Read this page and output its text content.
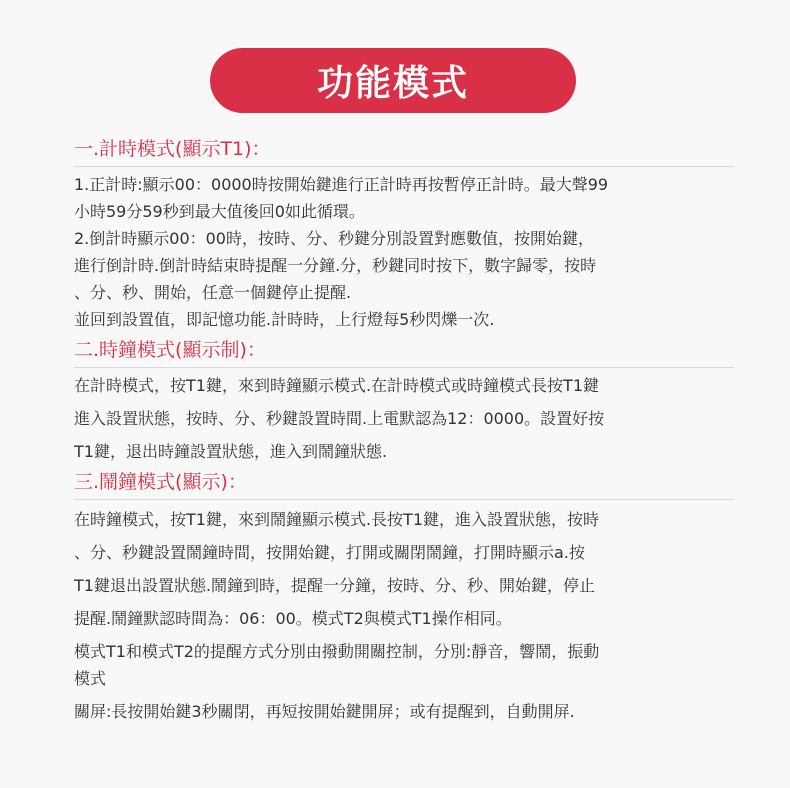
功能模式
一.計時模式(顯示T1)：

1.正計時:顯示00：0000時按開始鍵進行正計時再按暫停正計時。最大聲99

小時59分59秒到最大值後回0如此循環。

2.倒計時顯示00：00時，按時、分、秒鍵分別設置對應數值，按開始鍵，

進行倒計時.倒計時結束時提醒一分鐘.分，秒鍵同时按下，數字歸零，按時

、分、秒、開始，任意一個鍵停止提醒.

並回到設置值，即記憶功能.計時時，上行燈每5秒閃爍一次.

二.時鐘模式(顯示制)：

在計時模式，按T1鍵，來到時鐘顯示模式.在計時模式或時鐘模式長按T1鍵

進入設置狀態，按時、分、秒鍵設置時間.上電默認為12：0000。設置好按

T1鍵，退出時鐘設置狀態，進入到鬧鐘狀態.

三.鬧鐘模式(顯示)：

在時鐘模式，按T1鍵，來到鬧鐘顯示模式.長按T1鍵，進入設置狀態，按時

、分、秒鍵設置鬧鐘時間，按開始鍵，打開或關閉鬧鐘，打開時顯示a.按

T1鍵退出設置狀態.鬧鐘到時，提醒一分鐘，按時、分、秒、開始鍵，停止

提醒.鬧鐘默認時間為：06：00。模式T2與模式T1操作相同。

模式T1和模式T2的提醒方式分別由撥動開關控制，分別:靜音，響鬧，振動

模式

關屏:長按開始鍵3秒關閉，再短按開始鍵開屏；或有提醒到，自動開屏.
